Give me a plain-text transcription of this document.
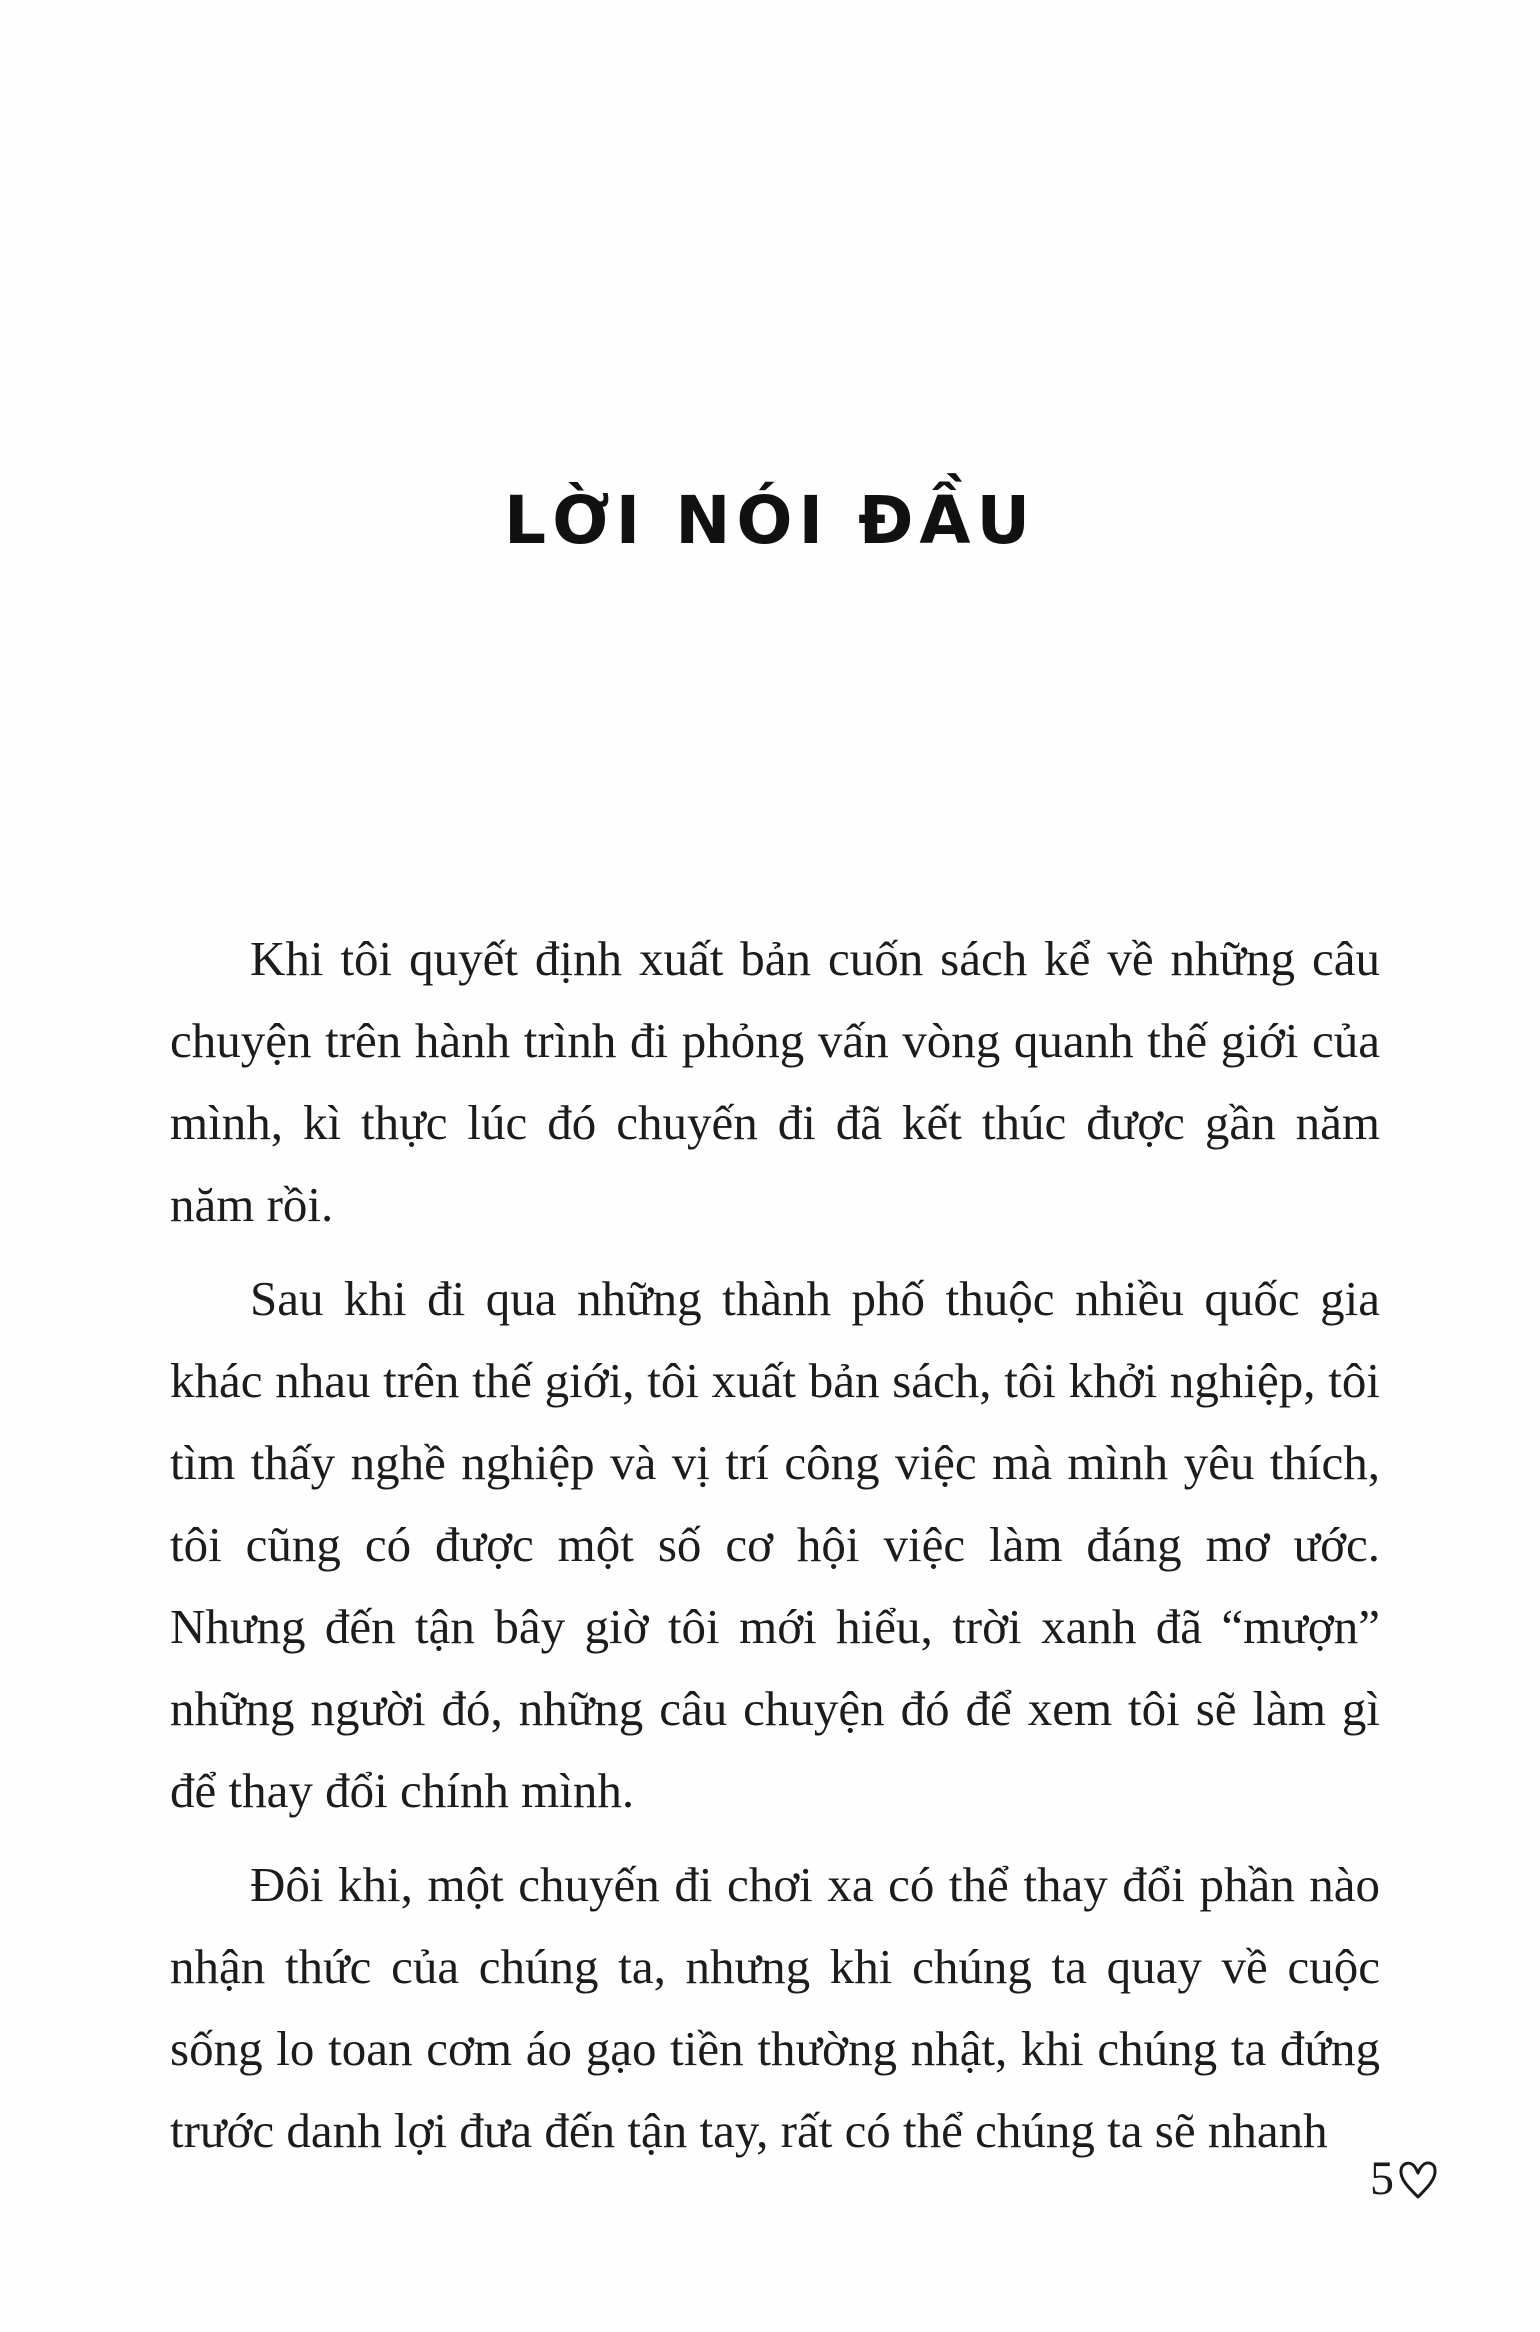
LỜI NÓI ĐẦU

Khi tôi quyết định xuất bản cuốn sách kể về những câu chuyện trên hành trình đi phỏng vấn vòng quanh thế giới của mình, kì thực lúc đó chuyến đi đã kết thúc được gần năm năm rồi.

Sau khi đi qua những thành phố thuộc nhiều quốc gia khác nhau trên thế giới, tôi xuất bản sách, tôi khởi nghiệp, tôi tìm thấy nghề nghiệp và vị trí công việc mà mình yêu thích, tôi cũng có được một số cơ hội việc làm đáng mơ ước. Nhưng đến tận bây giờ tôi mới hiểu, trời xanh đã “mượn” những người đó, những câu chuyện đó để xem tôi sẽ làm gì để thay đổi chính mình.

Đôi khi, một chuyến đi chơi xa có thể thay đổi phần nào nhận thức của chúng ta, nhưng khi chúng ta quay về cuộc sống lo toan cơm áo gạo tiền thường nhật, khi chúng ta đứng trước danh lợi đưa đến tận tay, rất có thể chúng ta sẽ nhanh

5
